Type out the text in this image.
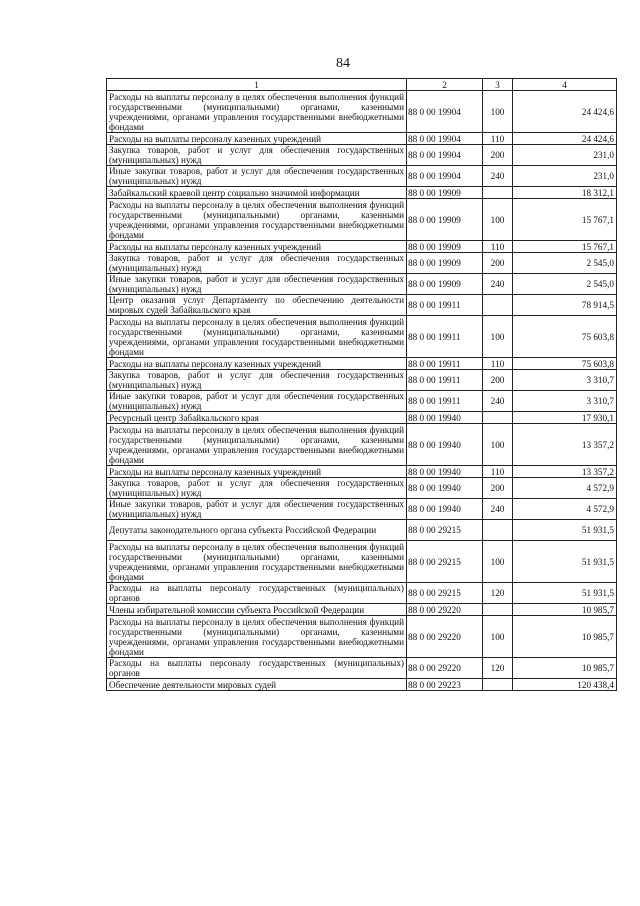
84
1	2	3	4
Расходы на выплаты персоналу в целях обеспечения выполнения функций государственными (муниципальными) органами, казенными учреждениями, органами управления государственными внебюджетными фондами	88 0 00 19904	100	24 424,6
Расходы на выплаты персоналу казенных учреждений	88 0 00 19904	110	24 424,6
Закупка товаров, работ и услуг для обеспечения государственных (муниципальных) нужд	88 0 00 19904	200	231,0
Иные закупки товаров, работ и услуг для обеспечения государственных (муниципальных) нужд	88 0 00 19904	240	231,0
Забайкальский краевой центр социально значимой информации	88 0 00 19909		18 312,1
Расходы на выплаты персоналу в целях обеспечения выполнения функций государственными (муниципальными) органами, казенными учреждениями, органами управления государственными внебюджетными фондами	88 0 00 19909	100	15 767,1
Расходы на выплаты персоналу казенных учреждений	88 0 00 19909	110	15 767,1
Закупка товаров, работ и услуг для обеспечения государственных (муниципальных) нужд	88 0 00 19909	200	2 545,0
Иные закупки товаров, работ и услуг для обеспечения государственных (муниципальных) нужд	88 0 00 19909	240	2 545,0
Центр оказания услуг Департаменту по обеспечению деятельности мировых судей Забайкальского края	88 0 00 19911		78 914,5
Расходы на выплаты персоналу в целях обеспечения выполнения функций государственными (муниципальными) органами, казенными учреждениями, органами управления государственными внебюджетными фондами	88 0 00 19911	100	75 603,8
Расходы на выплаты персоналу казенных учреждений	88 0 00 19911	110	75 603,8
Закупка товаров, работ и услуг для обеспечения государственных (муниципальных) нужд	88 0 00 19911	200	3 310,7
Иные закупки товаров, работ и услуг для обеспечения государственных (муниципальных) нужд	88 0 00 19911	240	3 310,7
Ресурсный центр Забайкальского края	88 0 00 19940		17 930,1
Расходы на выплаты персоналу в целях обеспечения выполнения функций государственными (муниципальными) органами, казенными учреждениями, органами управления государственными внебюджетными фондами	88 0 00 19940	100	13 357,2
Расходы на выплаты персоналу казенных учреждений	88 0 00 19940	110	13 357,2
Закупка товаров, работ и услуг для обеспечения государственных (муниципальных) нужд	88 0 00 19940	200	4 572,9
Иные закупки товаров, работ и услуг для обеспечения государственных (муниципальных) нужд	88 0 00 19940	240	4 572,9
Депутаты законодательного органа субъекта Российской Федерации	88 0 00 29215		51 931,5
Расходы на выплаты персоналу в целях обеспечения выполнения функций государственными (муниципальными) органами, казенными учреждениями, органами управления государственными внебюджетными фондами	88 0 00 29215	100	51 931,5
Расходы на выплаты персоналу государственных (муниципальных) органов	88 0 00 29215	120	51 931,5
Члены избирательной комиссии субъекта Российской Федерации	88 0 00 29220		10 985,7
Расходы на выплаты персоналу в целях обеспечения выполнения функций государственными (муниципальными) органами, казенными учреждениями, органами управления государственными внебюджетными фондами	88 0 00 29220	100	10 985,7
Расходы на выплаты персоналу государственных (муниципальных) органов	88 0 00 29220	120	10 985,7
Обеспечение деятельности мировых судей	88 0 00 29223		120 438,4
